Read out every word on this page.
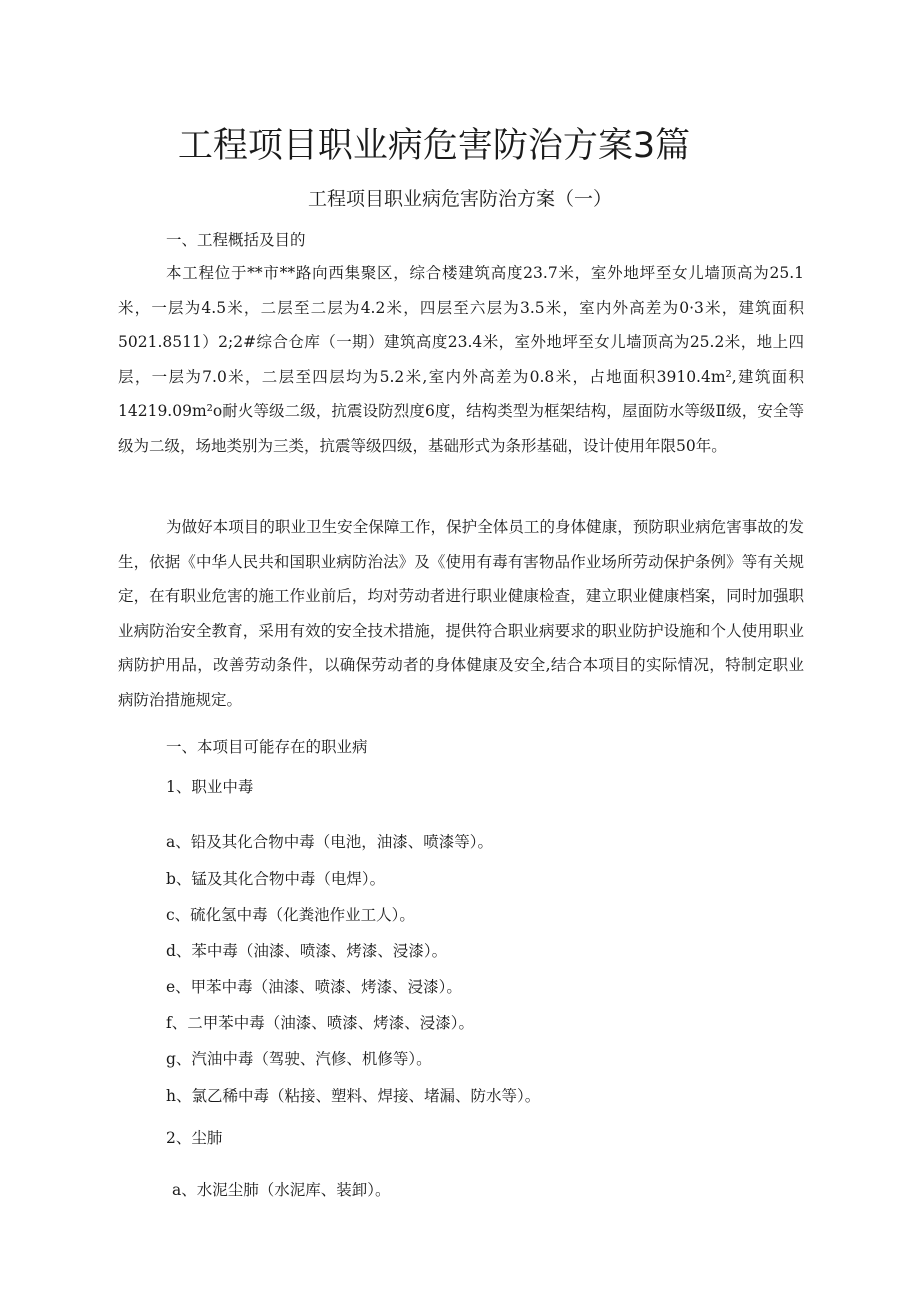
工程项目职业病危害防治方案3篇
工程项目职业病危害防治方案（一）

一、工程概括及目的

本工程位于**市**路向西集聚区，综合楼建筑高度23.7米，室外地坪至女儿墙顶高为25.1米，一层为4.5米，二层至二层为4.2米，四层至六层为3.5米，室内外高差为0·3米，建筑面积5021.8511）2;2#综合仓库（一期）建筑高度23.4米，室外地坪至女儿墙顶高为25.2米，地上四层，一层为7.0米，二层至四层均为5.2米,室内外高差为0.8米，占地面积3910.4m²,建筑面积14219.09m²o耐火等级二级，抗震设防烈度6度，结构类型为框架结构，屋面防水等级Ⅱ级，安全等级为二级，场地类别为三类，抗震等级四级，基础形式为条形基础，设计使用年限50年。

为做好本项目的职业卫生安全保障工作，保护全体员工的身体健康，预防职业病危害事故的发生，依据《中华人民共和国职业病防治法》及《使用有毒有害物品作业场所劳动保护条例》等有关规定，在有职业危害的施工作业前后，均对劳动者进行职业健康检查，建立职业健康档案，同时加强职业病防治安全教育，采用有效的安全技术措施，提供符合职业病要求的职业防护设施和个人使用职业病防护用品，改善劳动条件，以确保劳动者的身体健康及安全,结合本项目的实际情况，特制定职业病防治措施规定。

一、本项目可能存在的职业病

1、职业中毒

a、铅及其化合物中毒（电池，油漆、喷漆等）。

b、锰及其化合物中毒（电焊）。

c、硫化氢中毒（化粪池作业工人）。

d、苯中毒（油漆、喷漆、烤漆、浸漆）。

e、甲苯中毒（油漆、喷漆、烤漆、浸漆）。

f、二甲苯中毒（油漆、喷漆、烤漆、浸漆）。

g、汽油中毒（驾驶、汽修、机修等）。

h、氯乙稀中毒（粘接、塑料、焊接、堵漏、防水等）。

2、尘肺

a、水泥尘肺（水泥库、装卸）。
